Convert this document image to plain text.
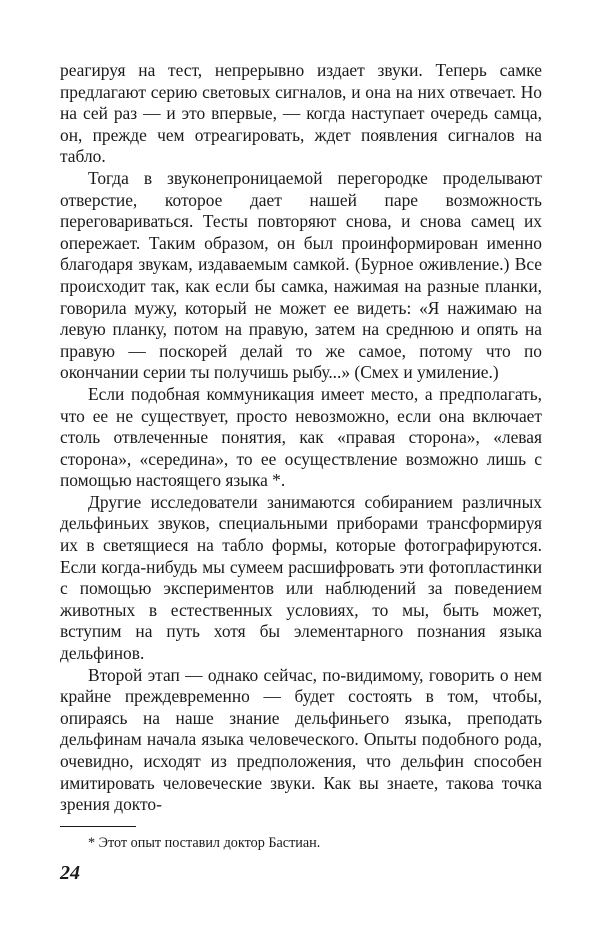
реагируя на тест, непрерывно издает звуки. Теперь самке предлагают серию световых сигналов, и она на них отвечает. Но на сей раз — и это впервые, — когда наступает очередь самца, он, прежде чем отреагировать, ждет появления сигналов на табло.

Тогда в звуконепроницаемой перегородке проделывают отверстие, которое дает нашей паре возможность переговариваться. Тесты повторяют снова, и снова самец их опережает. Таким образом, он был проинформирован именно благодаря звукам, издаваемым самкой. (Бурное оживление.) Все происходит так, как если бы самка, нажимая на разные планки, говорила мужу, который не может ее видеть: «Я нажимаю на левую планку, потом на правую, затем на среднюю и опять на правую — поскорей делай то же самое, потому что по окончании серии ты получишь рыбу...» (Смех и умиление.)

Если подобная коммуникация имеет место, а предполагать, что ее не существует, просто невозможно, если она включает столь отвлеченные понятия, как «правая сторона», «левая сторона», «середина», то ее осуществление возможно лишь с помощью настоящего языка *.

Другие исследователи занимаются собиранием различных дельфиньих звуков, специальными приборами трансформируя их в светящиеся на табло формы, которые фотографируются. Если когда-нибудь мы сумеем расшифровать эти фотопластинки с помощью экспериментов или наблюдений за поведением животных в естественных условиях, то мы, быть может, вступим на путь хотя бы элементарного познания языка дельфинов.

Второй этап — однако сейчас, по-видимому, говорить о нем крайне преждевременно — будет состоять в том, чтобы, опираясь на наше знание дельфиньего языка, преподать дельфинам начала языка человеческого. Опыты подобного рода, очевидно, исходят из предположения, что дельфин способен имитировать человеческие звуки. Как вы знаете, такова точка зрения докто-

* Этот опыт поставил доктор Бастиан.
24
